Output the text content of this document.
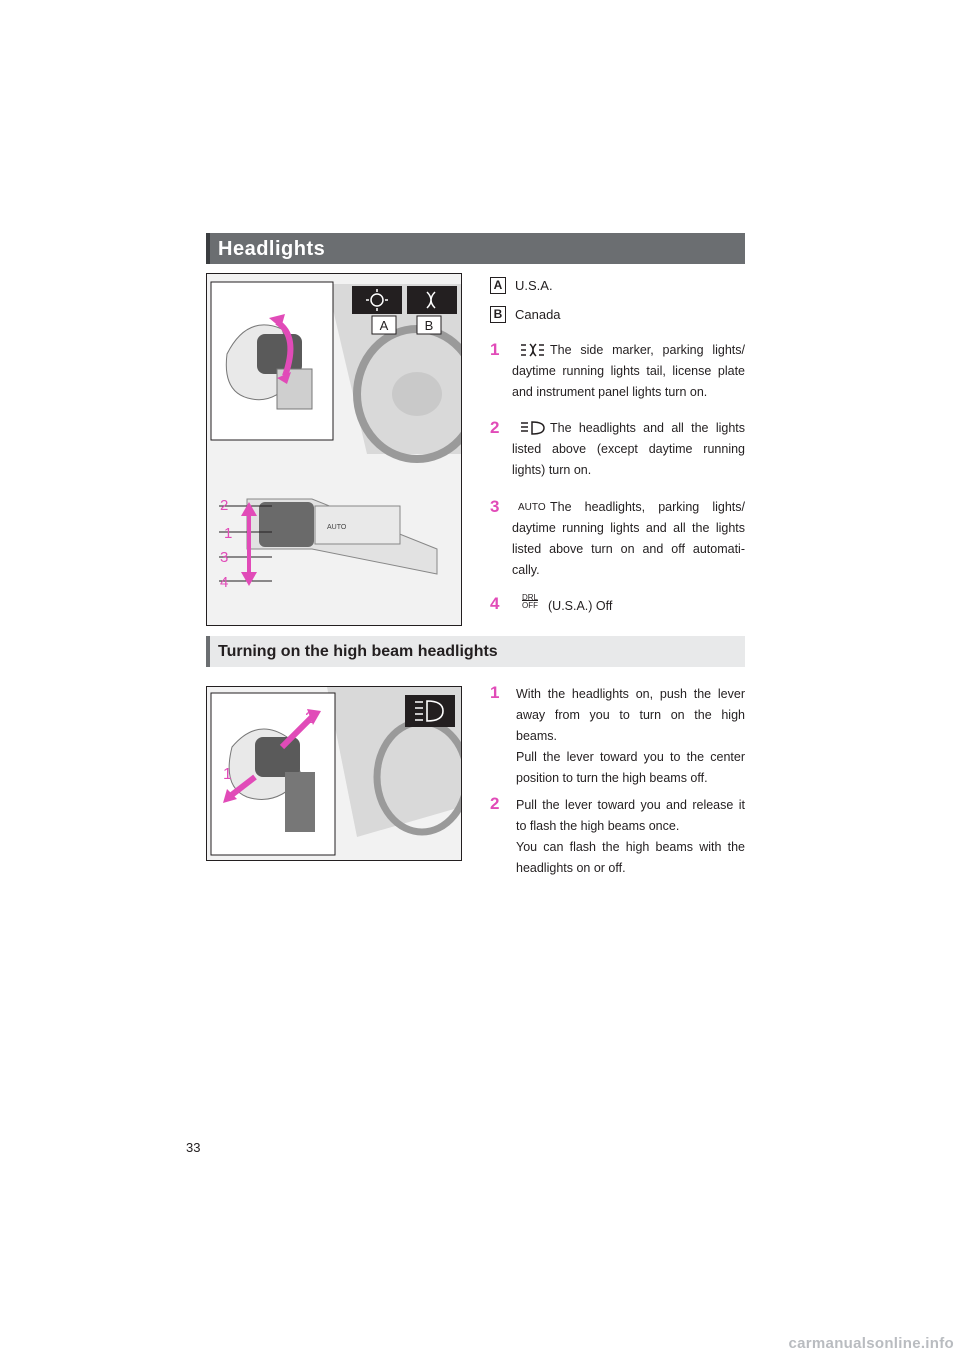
Headlights
A	B
AUTO
2
1
3
4
A U.S.A.
B Canada
1	The side marker, parking lights/ daytime running lights tail, license plate and instrument panel lights turn on.
2	The headlights and all the lights listed above (except daytime running lights) turn on.
3 AUTO The headlights, parking lights/ daytime running lights and all the lights listed above turn on and off automati-cally.
4	DRL
$\overline{OFF}$ (U.S.A.) Off
Turning on the high beam headlights
2
1
1 With the headlights on, push the lever away from you to turn on the high beams.
Pull the lever toward you to the center position to turn the high beams off.
2 Pull the lever toward you and release it to flash the high beams once.
You can flash the high beams with the headlights on or off.
33
carmanualsonline.info
